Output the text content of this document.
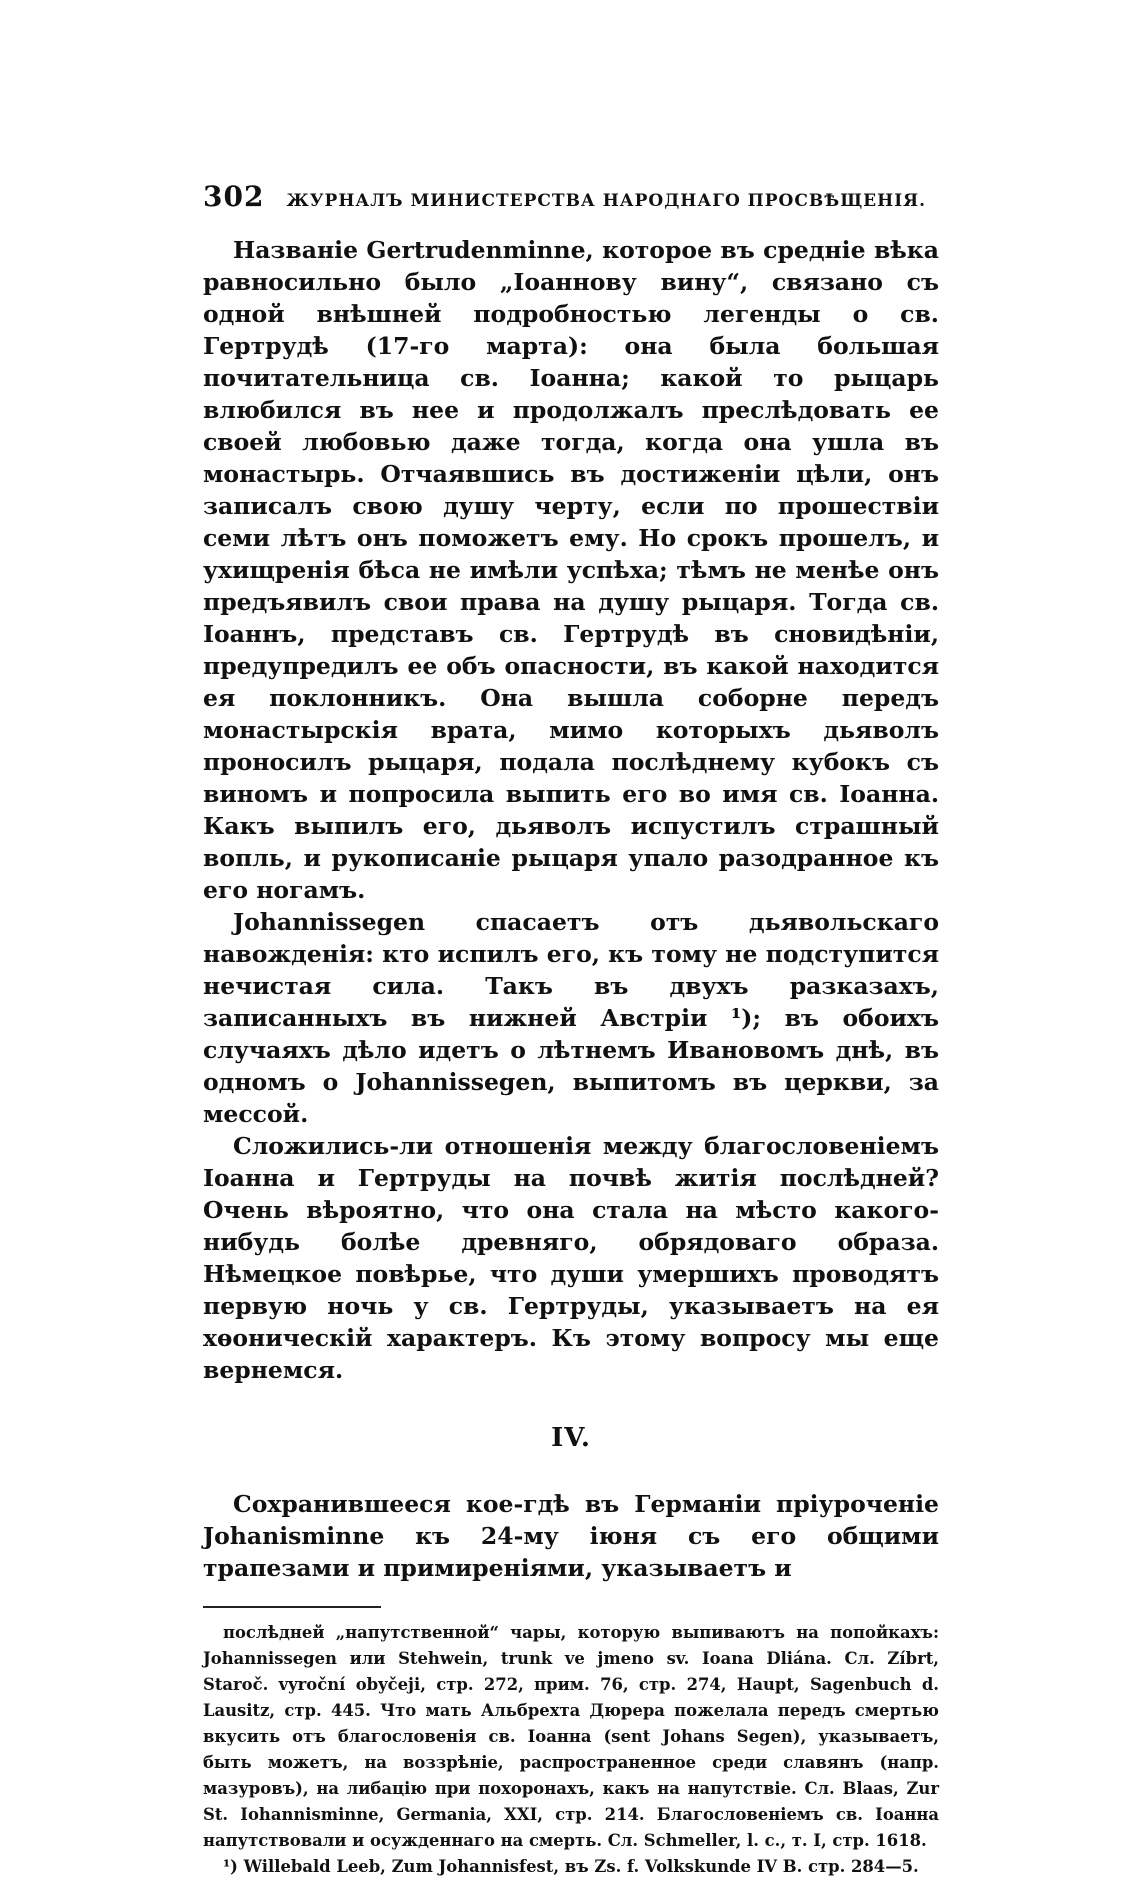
302 ЖУРНАЛЪ МИНИСТЕРСТВА НАРОДНАГО ПРОСВѢЩЕНІЯ.

Названіе Gertrudenminne, которое въ средніе вѣка равносильно было „Іоаннову вину“, связано съ одной внѣшней подробностью легенды о св. Гертрудѣ (17-го марта): она была большая почитательница св. Іоанна; какой то рыцарь влюбился въ нее и продолжалъ преслѣдовать ее своей любовью даже тогда, когда она ушла въ монастырь. Отчаявшись въ достиженіи цѣли, онъ записалъ свою душу черту, если по прошествіи семи лѣтъ онъ поможетъ ему. Но срокъ прошелъ, и ухищренія бѣса не имѣли успѣха; тѣмъ не менѣе онъ предъявилъ свои права на душу рыцаря. Тогда св. Іоаннъ, представъ св. Гертрудѣ въ сновидѣніи, предупредилъ ее объ опасности, въ какой находится ея поклонникъ. Она вышла соборне передъ монастырскія врата, мимо которыхъ дьяволъ проносилъ рыцаря, подала послѣднему кубокъ съ виномъ и попросила выпить его во имя св. Іоанна. Какъ выпилъ его, дьяволъ испустилъ страшный вопль, и рукописаніе рыцаря упало разодранное къ его ногамъ.

Johannissegen спасаетъ отъ дьявольскаго навожденія: кто испилъ его, къ тому не подступится нечистая сила. Такъ въ двухъ разказахъ, записанныхъ въ нижней Австріи ¹); въ обоихъ случаяхъ дѣло идетъ о лѣтнемъ Ивановомъ днѣ, въ одномъ о Johannissegen, выпитомъ въ церкви, за мессой.

Сложились-ли отношенія между благословеніемъ Іоанна и Гертруды на почвѣ житія послѣдней? Очень вѣроятно, что она стала на мѣсто какого-нибудь болѣе древняго, обрядоваго образа. Нѣмецкое повѣрье, что души умершихъ проводятъ первую ночь у св. Гертруды, указываетъ на ея хѳоническій характеръ. Къ этому вопросу мы еще вернемся.

IV.

Сохранившееся кое-гдѣ въ Германіи пріуроченіе Johanisminne къ 24-му іюня съ его общими трапезами и примиреніями, указываетъ и

послѣдней „напутственной“ чары, которую выпиваютъ на попойкахъ: Johannissegen или Stehwein, trunk ve jmeno sv. Ioana Dliána. Сл. Zíbrt, Staroč. vyroční obyčeji, стр. 272, прим. 76, стр. 274, Haupt, Sagenbuch d. Lausitz, стр. 445. Что мать Альбрехта Дюрера пожелала передъ смертью вкусить отъ благословенія св. Іоанна (sent Johans Segen), указываетъ, быть можетъ, на воззрѣніе, распространенное среди славянъ (напр. мазуровъ), на либацію при похоронахъ, какъ на напутствіе. Сл. Blaas, Zur St. Iohannisminne, Germania, XXI, стр. 214. Благословеніемъ св. Іоанна напутствовали и осужденнаго на смерть. Сл. Schmeller, l. c., т. I, стр. 1618.

¹) Willebald Leeb, Zum Johannisfest, въ Zs. f. Volkskunde IV B. стр. 284—5.
